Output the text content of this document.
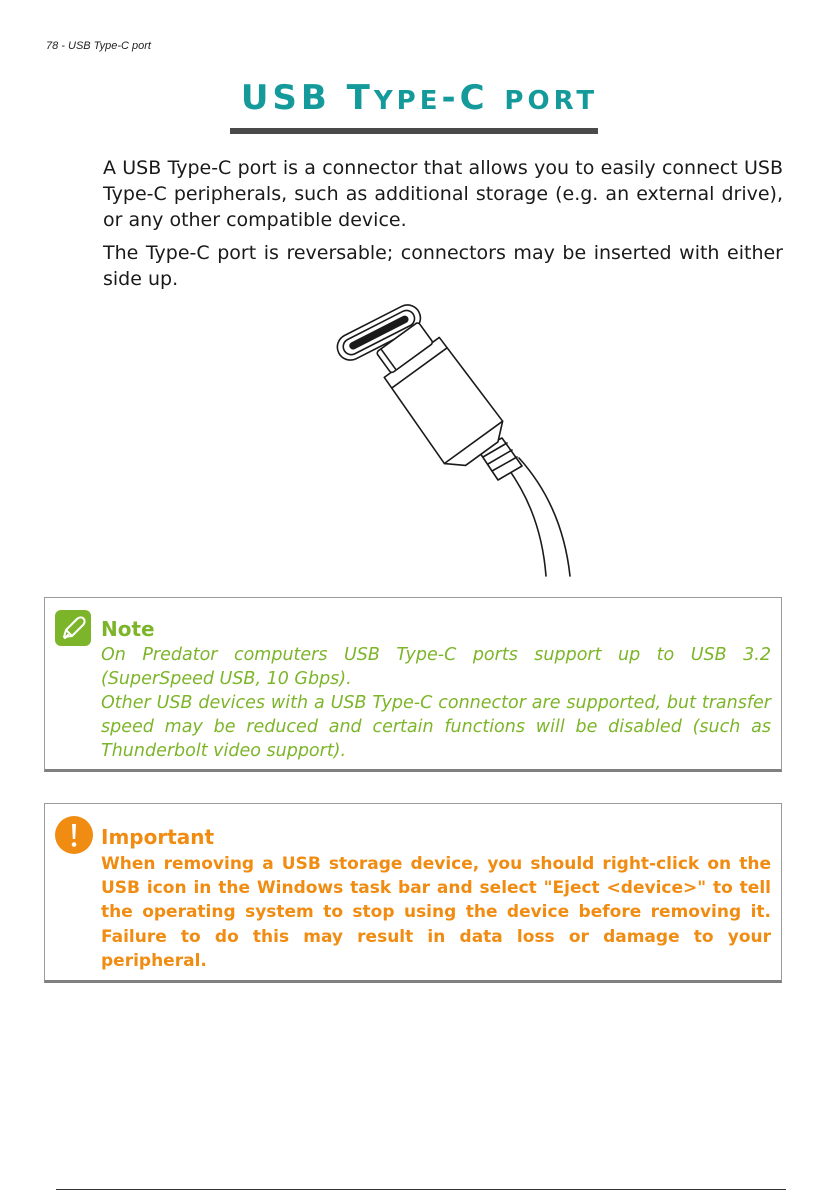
78 - USB Type-C port
USB TYPE-C PORT
A USB Type-C port is a connector that allows you to easily connect USB Type-C peripherals, such as additional storage (e.g. an external drive), or any other compatible device.
The Type-C port is reversable; connectors may be inserted with either side up.
Note

On Predator computers USB Type-C ports support up to USB 3.2 (SuperSpeed USB, 10 Gbps).

Other USB devices with a USB Type-C connector are supported, but transfer speed may be reduced and certain functions will be disabled (such as Thunderbolt video support).

Important
When removing a USB storage device, you should right-click on the USB icon in the Windows task bar and select "Eject <device>" to tell the operating system to stop using the device before removing it. Failure to do this may result in data loss or damage to your peripheral.
